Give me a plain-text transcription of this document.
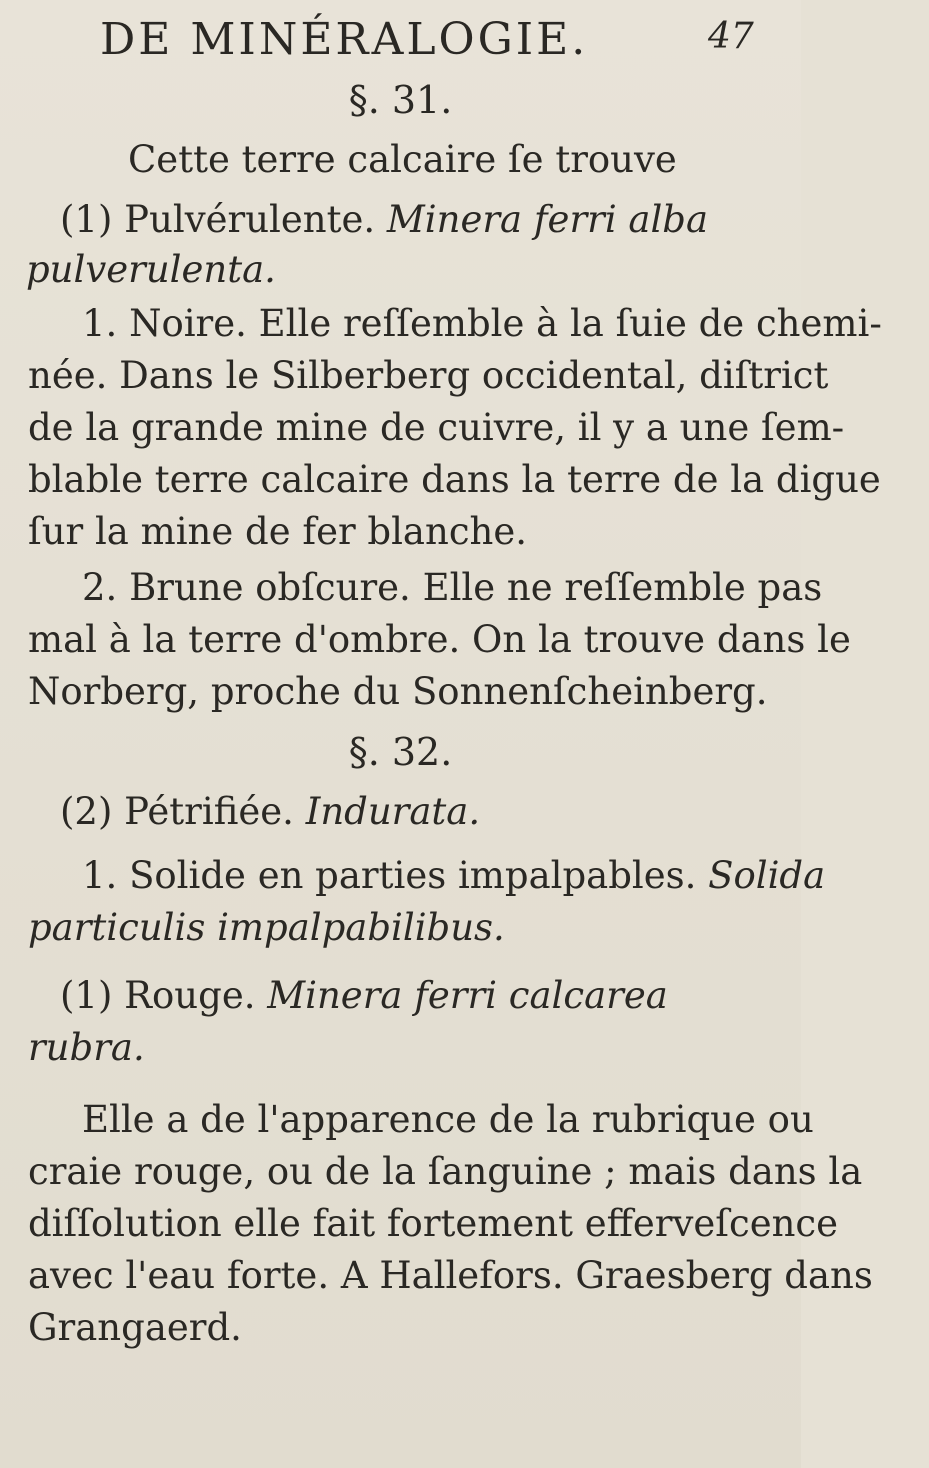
DE MINÉRALOGIE.	47

§. 31.

Cette terre calcaire ſe trouve

(1) Pulvérulente. Minera ferri alba

pulverulenta.

1. Noire. Elle reſſemble à la ſuie de chemi-

née. Dans le Silberberg occidental, diſtrict

de la grande mine de cuivre, il y a une ſem-

blable terre calcaire dans la terre de la digue

ſur la mine de fer blanche.

2. Brune obſcure. Elle ne reſſemble pas

mal à la terre d'ombre. On la trouve dans le

Norberg, proche du Sonnenſcheinberg.

§. 32.

(2) Pétrifiée. Indurata.

1. Solide en parties impalpables. Solida

particulis impalpabilibus.

(1) Rouge. Minera ferri calcarea

rubra.

Elle a de l'apparence de la rubrique ou

craie rouge, ou de la ſanguine ; mais dans la

diſſolution elle fait fortement efferveſcence

avec l'eau forte. A Hallefors. Graesberg dans

Grangaerd.
